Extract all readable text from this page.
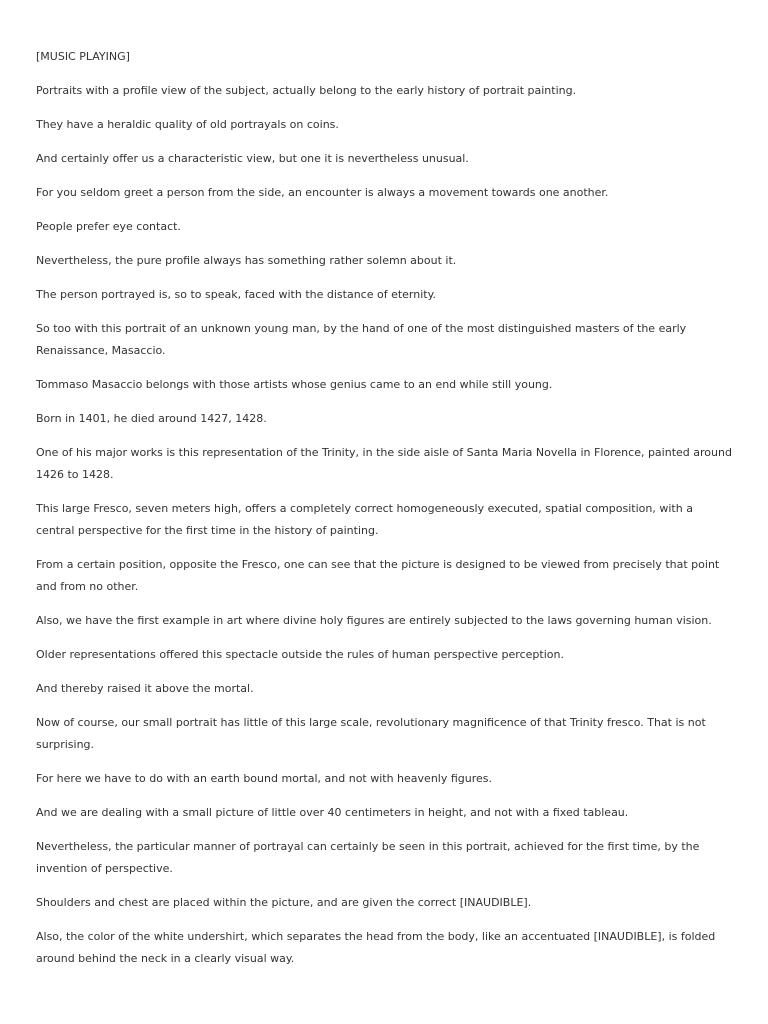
[MUSIC PLAYING]

Portraits with a profile view of the subject, actually belong to the early history of portrait painting.

They have a heraldic quality of old portrayals on coins.

And certainly offer us a characteristic view, but one it is nevertheless unusual.

For you seldom greet a person from the side, an encounter is always a movement towards one another.

People prefer eye contact.

Nevertheless, the pure profile always has something rather solemn about it.

The person portrayed is, so to speak, faced with the distance of eternity.

So too with this portrait of an unknown young man, by the hand of one of the most distinguished masters of the early Renaissance, Masaccio.

Tommaso Masaccio belongs with those artists whose genius came to an end while still young.

Born in 1401, he died around 1427, 1428.

One of his major works is this representation of the Trinity, in the side aisle of Santa Maria Novella in Florence, painted around 1426 to 1428.

This large Fresco, seven meters high, offers a completely correct homogeneously executed, spatial composition, with a central perspective for the first time in the history of painting.

From a certain position, opposite the Fresco, one can see that the picture is designed to be viewed from precisely that point and from no other.

Also, we have the first example in art where divine holy figures are entirely subjected to the laws governing human vision.

Older representations offered this spectacle outside the rules of human perspective perception.

And thereby raised it above the mortal.

Now of course, our small portrait has little of this large scale, revolutionary magnificence of that Trinity fresco. That is not surprising.

For here we have to do with an earth bound mortal, and not with heavenly figures.

And we are dealing with a small picture of little over 40 centimeters in height, and not with a fixed tableau.

Nevertheless, the particular manner of portrayal can certainly be seen in this portrait, achieved for the first time, by the invention of perspective.

Shoulders and chest are placed within the picture, and are given the correct [INAUDIBLE].

Also, the color of the white undershirt, which separates the head from the body, like an accentuated [INAUDIBLE], is folded around behind the neck in a clearly visual way.
